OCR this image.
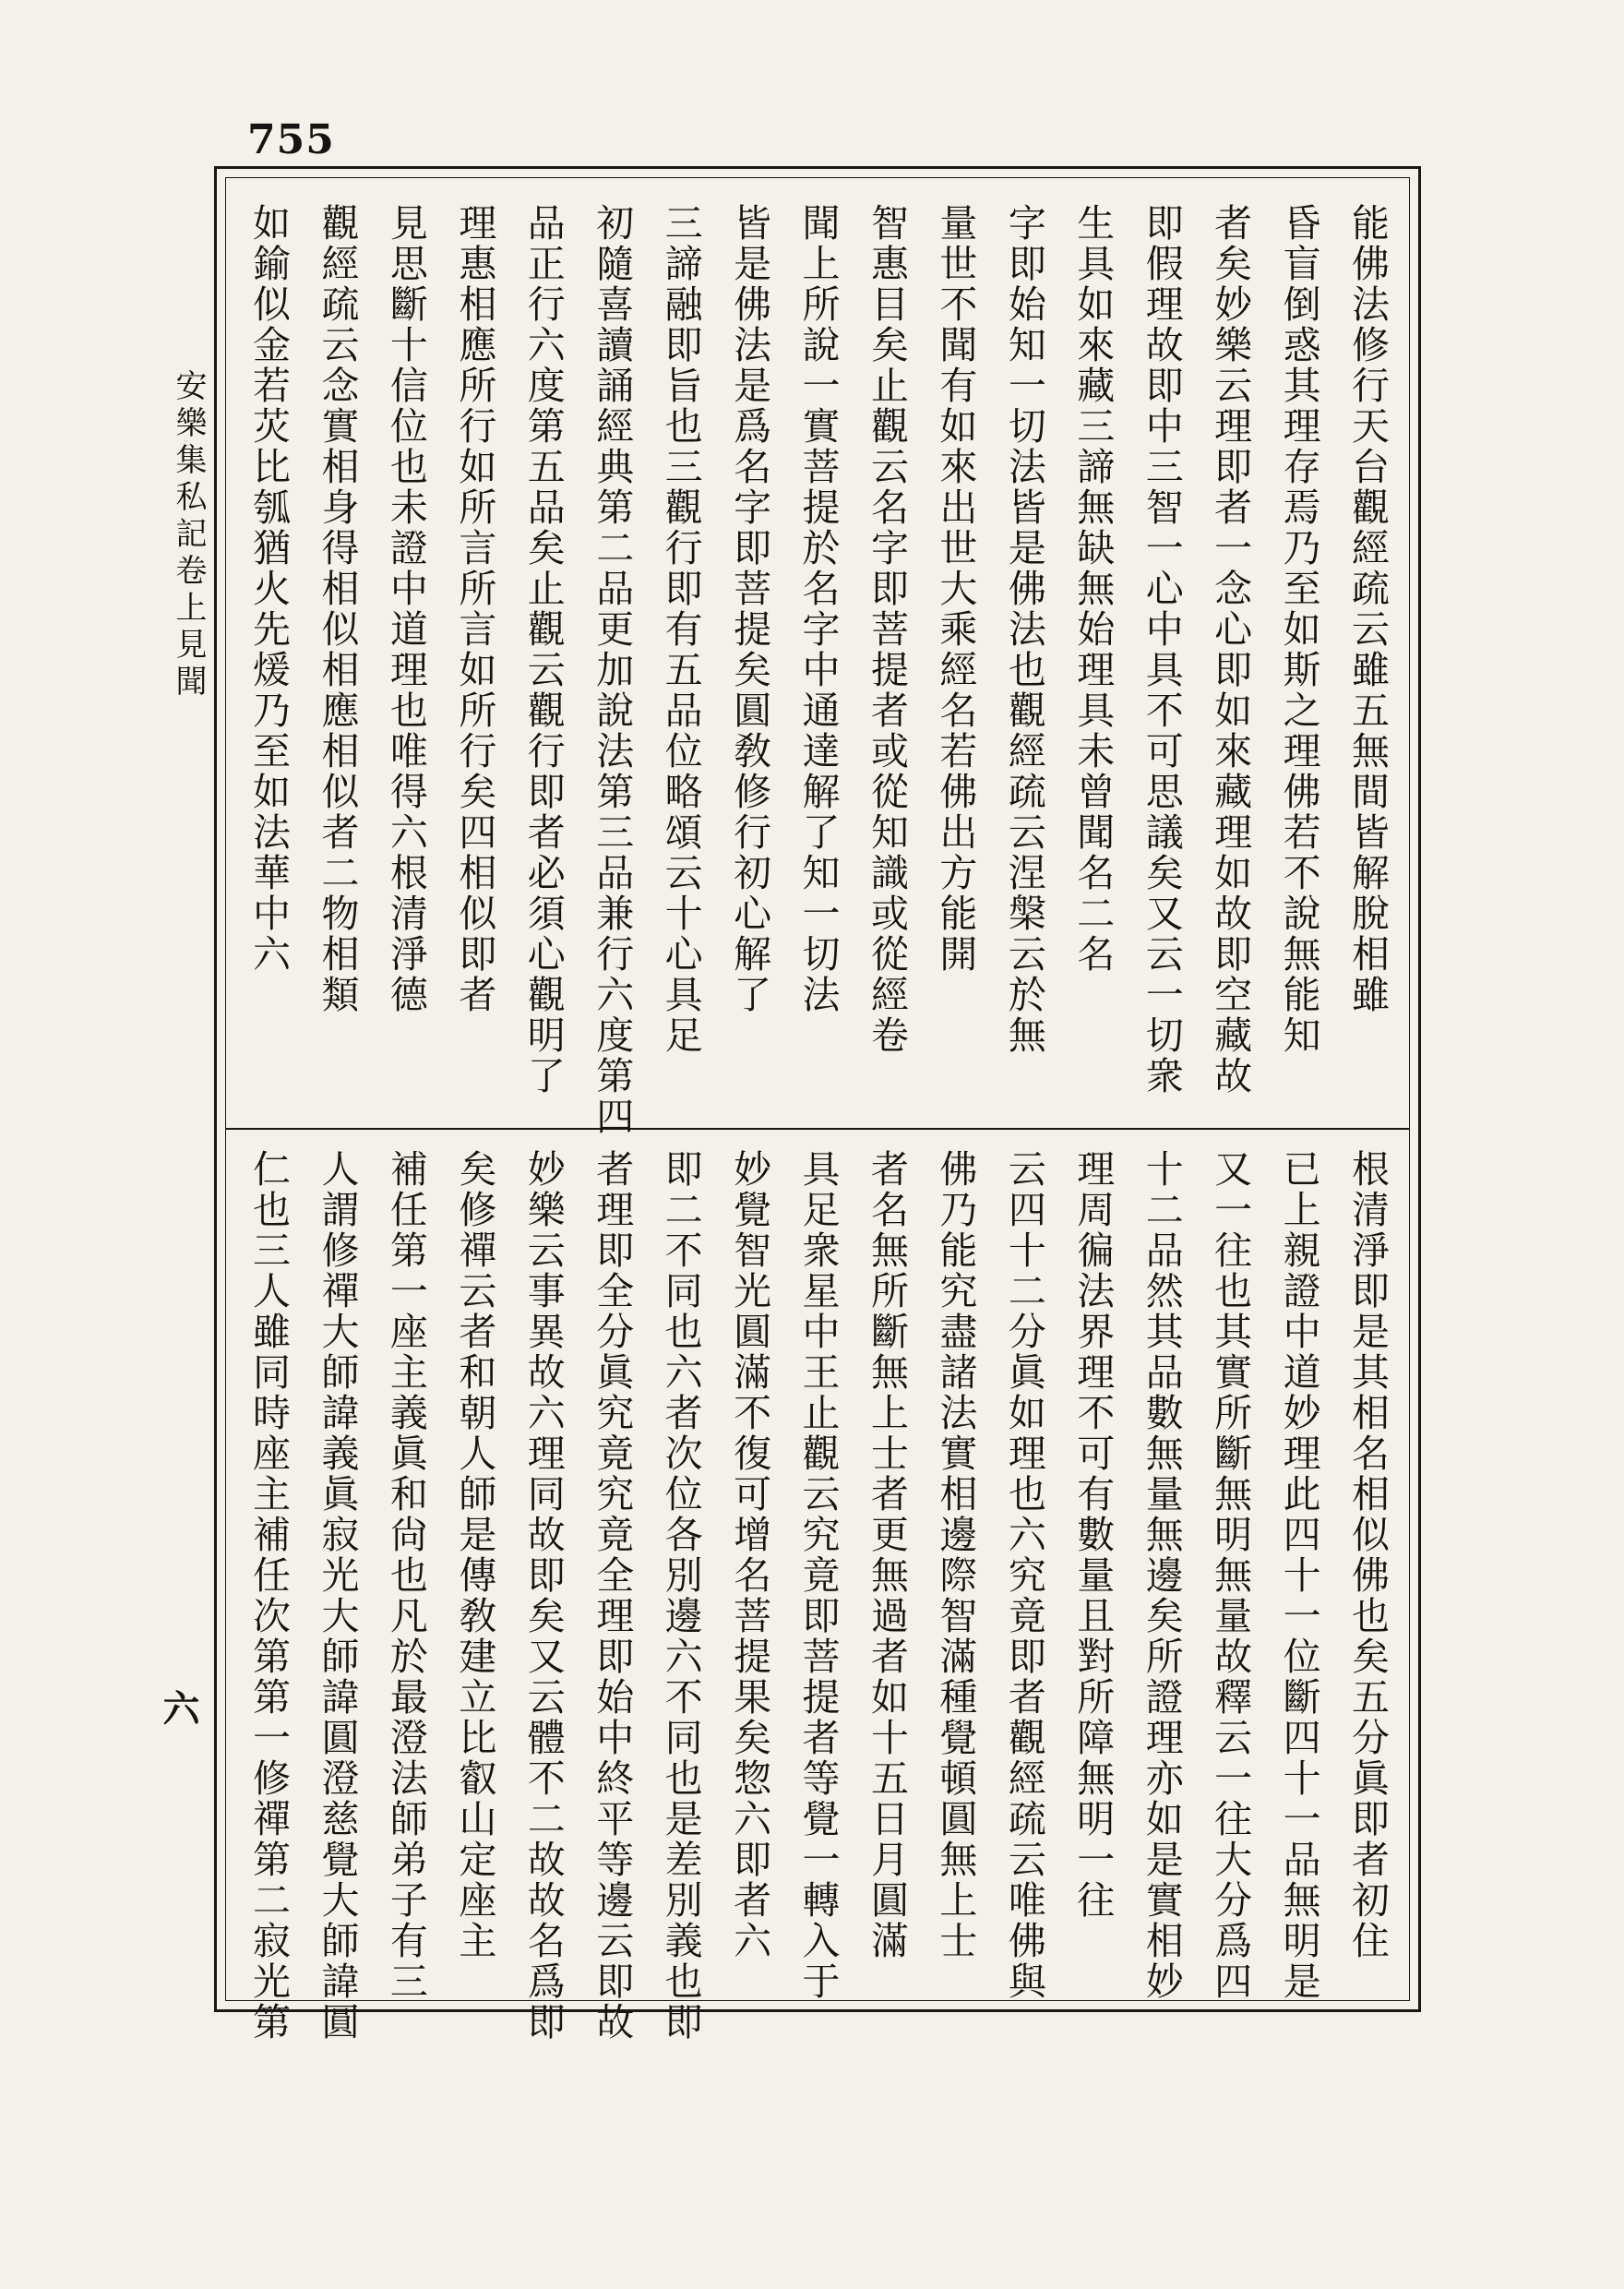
755
安樂集私記卷上見聞
六
能佛法修行天台觀經疏云雖五無間皆解脫相雖
昏盲倒惑其理存焉乃至如斯之理佛若不說無能知
者矣妙樂云理即者一念心即如來藏理如故即空藏故
即假理故即中三智一心中具不可思議矣又云一切衆
生具如來藏三諦無缺無始理具未曾聞名二名
字即始知一切法皆是佛法也觀經疏云涅槃云於無
量世不聞有如來出世大乘經名若佛出方能開
智惠目矣止觀云名字即菩提者或從知識或從經卷
聞上所說一實菩提於名字中通達解了知一切法
皆是佛法是爲名字即菩提矣圓敎修行初心解了
三諦融即旨也三觀行即有五品位略頌云十心具足
初隨喜讀誦經典第二品更加說法第三品兼行六度第四
品正行六度第五品矣止觀云觀行即者必須心觀明了
理惠相應所行如所言所言如所行矣四相似即者
見思斷十信位也未證中道理也唯得六根清淨德
觀經疏云念實相身得相似相應相似者二物相類
如鍮似金若苂比瓠猶火先煖乃至如法華中六
根清淨即是其相名相似佛也矣五分眞即者初住
已上親證中道妙理此四十一位斷四十一品無明是
又一往也其實所斷無明無量故釋云一往大分爲四
十二品然其品數無量無邊矣所證理亦如是實相妙
理周徧法界理不可有數量且對所障無明一往
云四十二分眞如理也六究竟即者觀經疏云唯佛與
佛乃能究盡諸法實相邊際智滿種覺頓圓無上士
者名無所斷無上士者更無過者如十五日月圓滿
具足衆星中王止觀云究竟即菩提者等覺一轉入于
妙覺智光圓滿不復可增名菩提果矣惣六即者六
即二不同也六者次位各別邊六不同也是差別義也即
者理即全分眞究竟究竟全理即始中終平等邊云即故
妙樂云事異故六理同故即矣又云體不二故故名爲即
矣修禪云者和朝人師是傳敎建立比叡山定座主
補任第一座主義眞和尙也凡於最澄法師弟子有三
人謂修禪大師諱義眞寂光大師諱圓澄慈覺大師諱圓
仁也三人雖同時座主補任次第第一修禪第二寂光第
